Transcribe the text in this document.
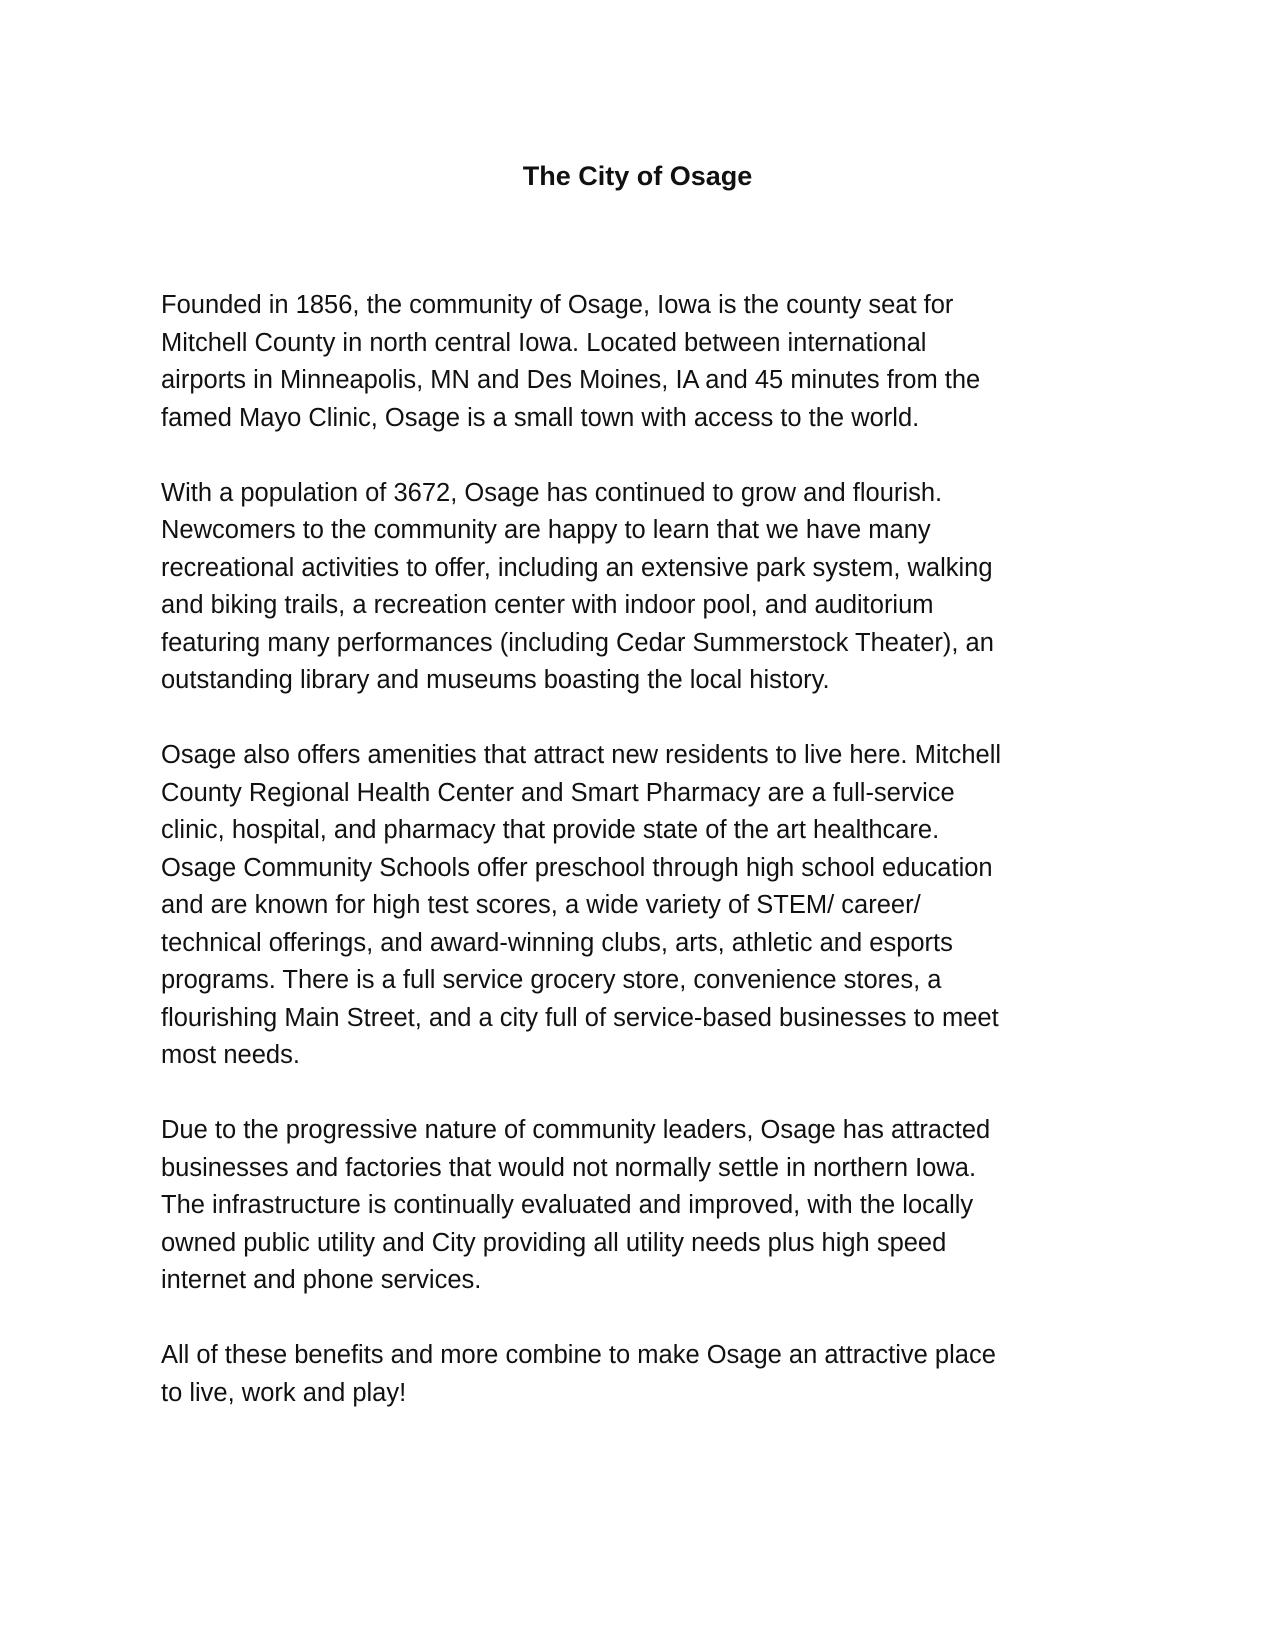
The City of Osage

Founded in 1856, the community of Osage, Iowa is the county seat for
Mitchell County in north central Iowa. Located between international
airports in Minneapolis, MN and Des Moines, IA and 45 minutes from the
famed Mayo Clinic, Osage is a small town with access to the world.

With a population of 3672, Osage has continued to grow and flourish.
Newcomers to the community are happy to learn that we have many
recreational activities to offer, including an extensive park system, walking
and biking trails, a recreation center with indoor pool, and auditorium
featuring many performances (including Cedar Summerstock Theater), an
outstanding library and museums boasting the local history.

Osage also offers amenities that attract new residents to live here. Mitchell
County Regional Health Center and Smart Pharmacy are a full-service
clinic, hospital, and pharmacy that provide state of the art healthcare.
Osage Community Schools offer preschool through high school education
and are known for high test scores, a wide variety of STEM/ career/
technical offerings, and award-winning clubs, arts, athletic and esports
programs. There is a full service grocery store, convenience stores, a
flourishing Main Street, and a city full of service-based businesses to meet
most needs.

Due to the progressive nature of community leaders, Osage has attracted
businesses and factories that would not normally settle in northern Iowa.
The infrastructure is continually evaluated and improved, with the locally
owned public utility and City providing all utility needs plus high speed
internet and phone services.

All of these benefits and more combine to make Osage an attractive place
to live, work and play!
